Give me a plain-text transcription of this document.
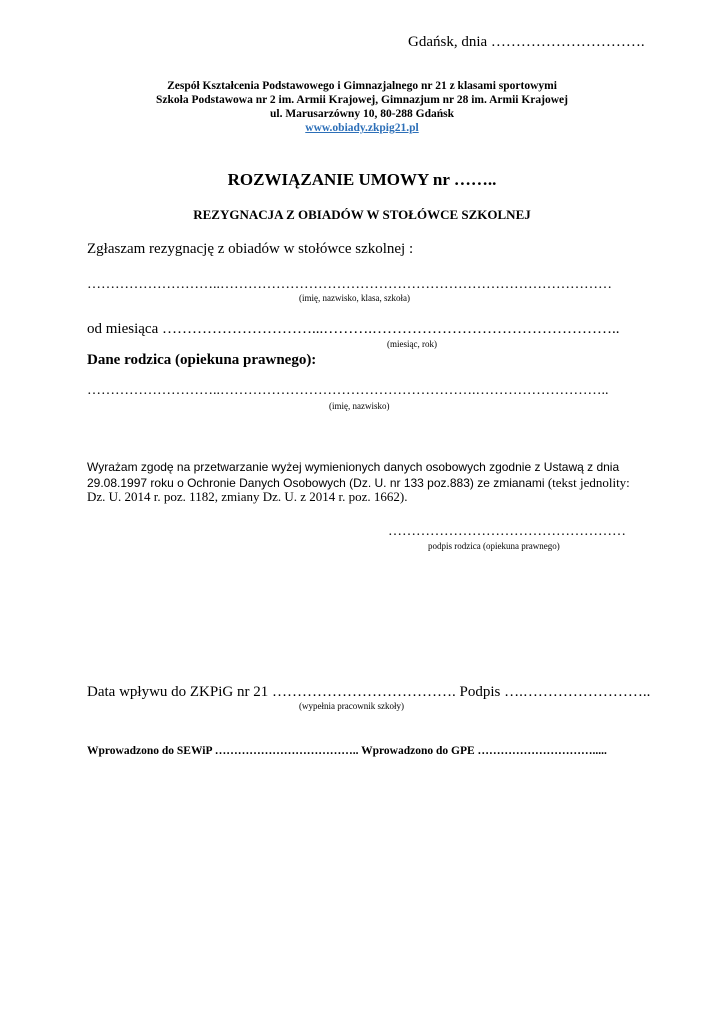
Gdańsk, dnia ………………………….
Zespół Kształcenia Podstawowego i Gimnazjalnego nr 21 z klasami sportowymi
Szkoła Podstawowa nr 2 im. Armii Krajowej, Gimnazjum nr 28 im. Armii Krajowej
ul. Marusarzówny 10, 80-288 Gdańsk
www.obiady.zkpig21.pl
ROZWIĄZANIE UMOWY nr ……..
REZYGNACJA Z OBIADÓW W STOŁÓWCE SZKOLNEJ
Zgłaszam rezygnację z obiadów w stołówce szkolnej :
………………………..…………………………………………………………………………
(imię, nazwisko, klasa, szkoła)
od miesiąca …………………………...……….…………………………………………..
(miesiąc, rok)
Dane rodzica (opiekuna prawnego):
………………………..……………………………………………….………………………..
(imię, nazwisko)
Wyrażam zgodę na przetwarzanie wyżej wymienionych danych osobowych zgodnie z Ustawą z dnia
29.08.1997 roku o Ochronie Danych Osobowych (Dz. U. nr 133 poz.883) ze zmianami (tekst jednolity:
Dz. U. 2014 r. poz. 1182, zmiany Dz. U. z 2014 r. poz. 1662).
……………………………………………
podpis rodzica (opiekuna prawnego)
Data wpływu do ZKPiG nr 21 ………………………………. Podpis ….……………………..
(wypełnia pracownik szkoły)
Wprowadzono do SEWiP ……………………………….. Wprowadzono do GPE ………………………….....
